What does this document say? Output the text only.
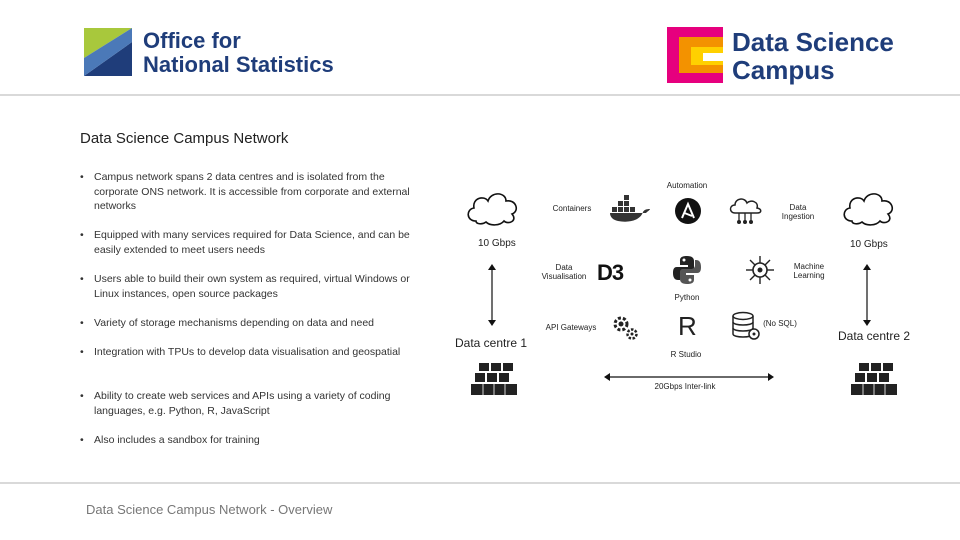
Office for
National Statistics
Data Science
Campus
Data Science Campus Network
• Campus network spans 2 data centres and is isolated from the corporate ONS network. It is accessible from corporate and external networks
• Equipped with many services required for Data Science, and can be easily extended to meet users needs
• Users able to build their own system as required, virtual Windows or Linux instances, open source packages
• Variety of storage mechanisms depending on data and need
• Integration with TPUs to develop data visualisation and geospatial
• Ability to create web services and APIs using a variety of coding languages, e.g. Python, R, JavaScript
• Also includes a sandbox for training
10 Gbps	10 Gbps
Data centre 1	Data centre 2
20Gbps Inter-link
Automation
Containers	Data Ingestion
Data Visualisation D3
Python
Machine Learning
API Gateways	R
R Studio
(No SQL)
Data Science Campus Network - Overview
